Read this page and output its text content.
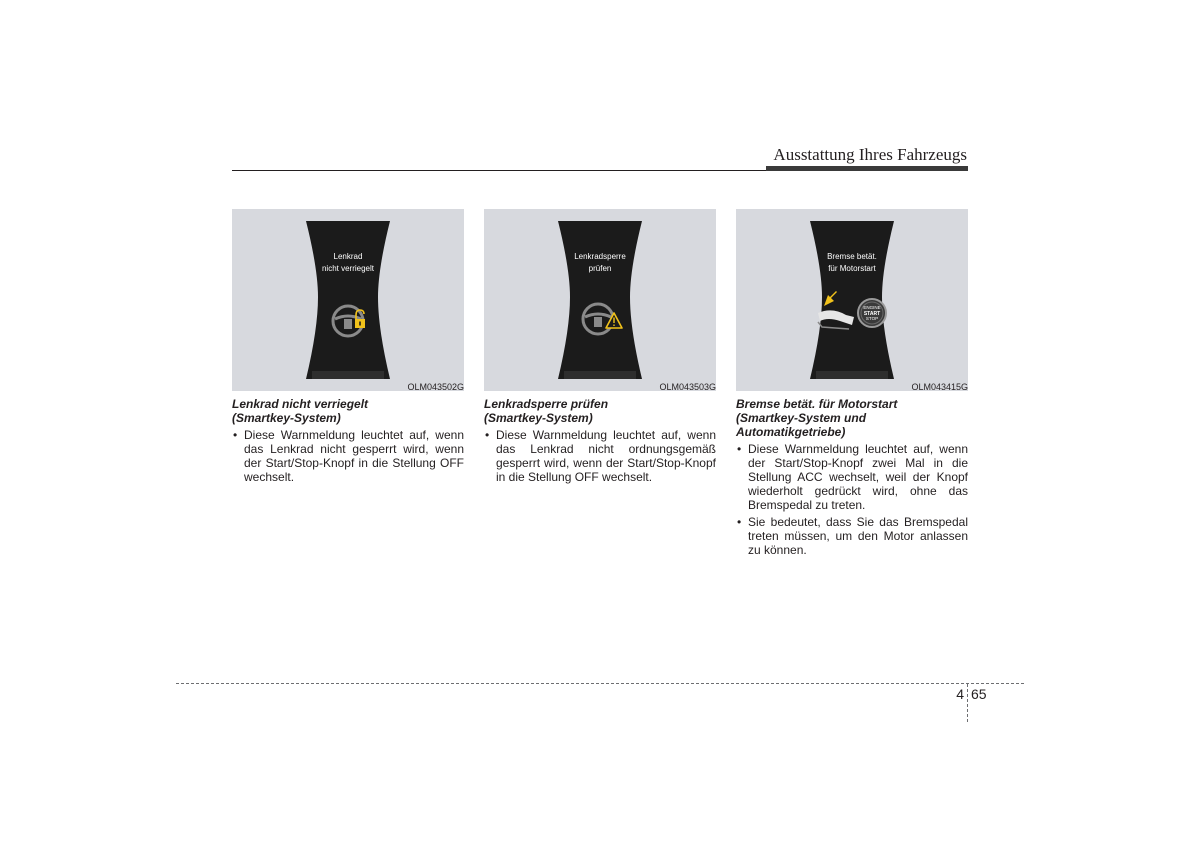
Ausstattung Ihres Fahrzeugs
Lenkrad
nicht verriegelt
OLM043502G
Lenkrad nicht verriegelt
(Smartkey-System)
• Diese Warnmeldung leuchtet auf, wenn das Lenkrad nicht gesperrt wird, wenn der Start/Stop-Knopf in die Stellung OFF wechselt.
Lenkradsperre
prüfen
OLM043503G
Lenkradsperre prüfen
(Smartkey-System)
• Diese Warnmeldung leuchtet auf, wenn das Lenkrad nicht ordnungsgemäß gesperrt wird, wenn der Start/Stop-Knopf in die Stellung OFF wechselt.
Bremse betät.
für Motorstart
ENGINE
START
STOP
OLM043415G
Bremse betät. für Motorstart
(Smartkey-System und
Automatikgetriebe)
• Diese Warnmeldung leuchtet auf, wenn der Start/Stop-Knopf zwei Mal in die Stellung ACC wechselt, weil der Knopf wiederholt gedrückt wird, ohne das Bremspedal zu treten.
• Sie bedeutet, dass Sie das Bremspedal treten müssen, um den Motor anlassen zu können.
4 65
